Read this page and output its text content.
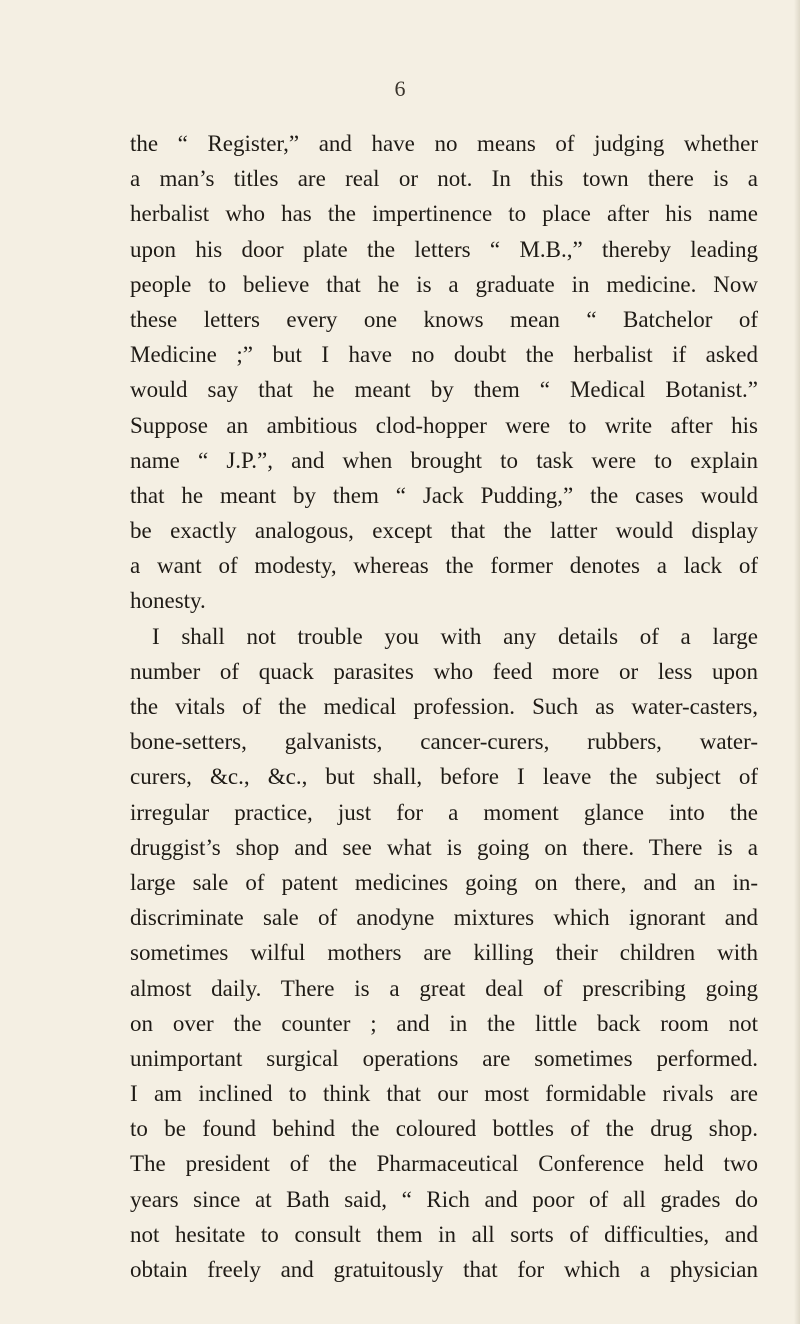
6
the “ Register,” and have no means of judging whether
a man’s titles are real or not. In this town there is a
herbalist who has the impertinence to place after his name
upon his door plate the letters “ M.B.,” thereby leading
people to believe that he is a graduate in medicine. Now
these letters every one knows mean “ Batchelor of
Medicine ;” but I have no doubt the herbalist if asked
would say that he meant by them “ Medical Botanist.”
Suppose an ambitious clod-hopper were to write after his
name “ J.P.”, and when brought to task were to explain
that he meant by them “ Jack Pudding,” the cases would
be exactly analogous, except that the latter would display
a want of modesty, whereas the former denotes a lack of
honesty.
I shall not trouble you with any details of a large
number of quack parasites who feed more or less upon
the vitals of the medical profession. Such as water-casters,
bone-setters, galvanists, cancer-curers, rubbers, water-
curers, &c., &c., but shall, before I leave the subject of
irregular practice, just for a moment glance into the
druggist’s shop and see what is going on there. There is a
large sale of patent medicines going on there, and an in-
discriminate sale of anodyne mixtures which ignorant and
sometimes wilful mothers are killing their children with
almost daily. There is a great deal of prescribing going
on over the counter ; and in the little back room not
unimportant surgical operations are sometimes performed.
I am inclined to think that our most formidable rivals are
to be found behind the coloured bottles of the drug shop.
The president of the Pharmaceutical Conference held two
years since at Bath said, “ Rich and poor of all grades do
not hesitate to consult them in all sorts of difficulties, and
obtain freely and gratuitously that for which a physician
